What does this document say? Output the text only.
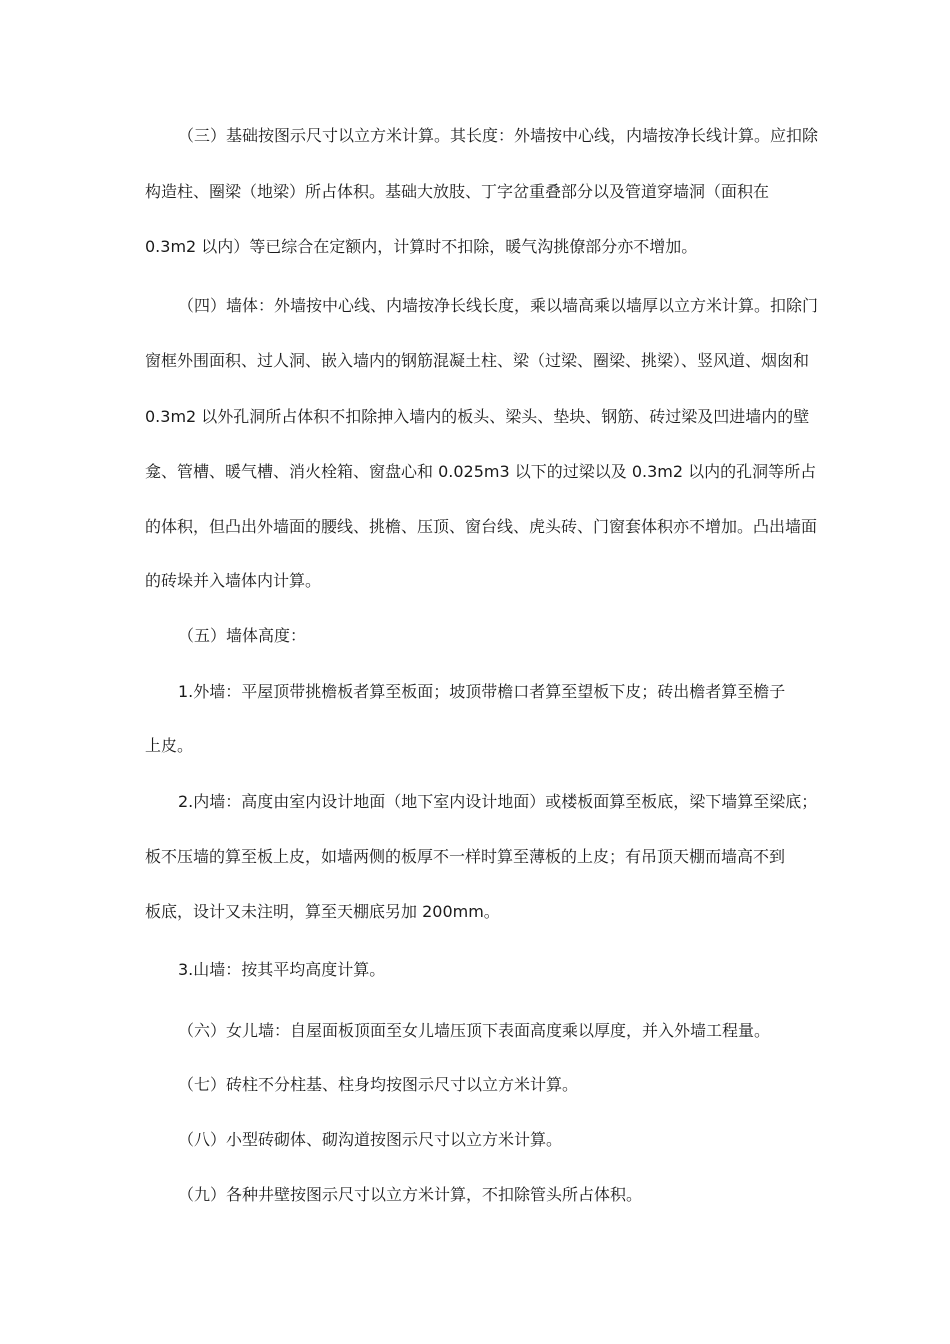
（三）基础按图示尺寸以立方米计算。其长度：外墙按中心线，内墙按净长线计算。应扣除
构造柱、圈梁（地梁）所占体积。基础大放肢、丁字岔重叠部分以及管道穿墙洞（面积在
0.3m2 以内）等已综合在定额内，计算时不扣除，暖气沟挑僚部分亦不增加。
（四）墙体：外墙按中心线、内墙按净长线长度，乘以墙高乘以墙厚以立方米计算。扣除门
窗框外围面积、过人洞、嵌入墙内的钢筋混凝土柱、梁（过梁、圈梁、挑梁）、竖风道、烟囱和
0.3m2 以外孔洞所占体积不扣除抻入墙内的板头、梁头、垫块、钢筋、砖过梁及凹进墙内的壁
龛、管槽、暖气槽、消火栓箱、窗盘心和 0.025m3 以下的过梁以及 0.3m2 以内的孔洞等所占
的体积，但凸出外墙面的腰线、挑檐、压顶、窗台线、虎头砖、门窗套体积亦不增加。凸出墙面
的砖垛并入墙体内计算。
（五）墙体高度：
1.外墙：平屋顶带挑檐板者算至板面；坡顶带檐口者算至望板下皮；砖出檐者算至檐子
上皮。
2.内墙：高度由室内设计地面（地下室内设计地面）或楼板面算至板底，梁下墙算至梁底；
板不压墙的算至板上皮，如墙两侧的板厚不一样时算至薄板的上皮；有吊顶天棚而墙高不到
板底，设计又未注明，算至天棚底另加 200mm。
3.山墙：按其平均高度计算。
（六）女儿墙：自屋面板顶面至女儿墙压顶下表面高度乘以厚度，并入外墙工程量。
（七）砖柱不分柱基、柱身均按图示尺寸以立方米计算。
（八）小型砖砌体、砌沟道按图示尺寸以立方米计算。
（九）各种井壁按图示尺寸以立方米计算，不扣除管头所占体积。
